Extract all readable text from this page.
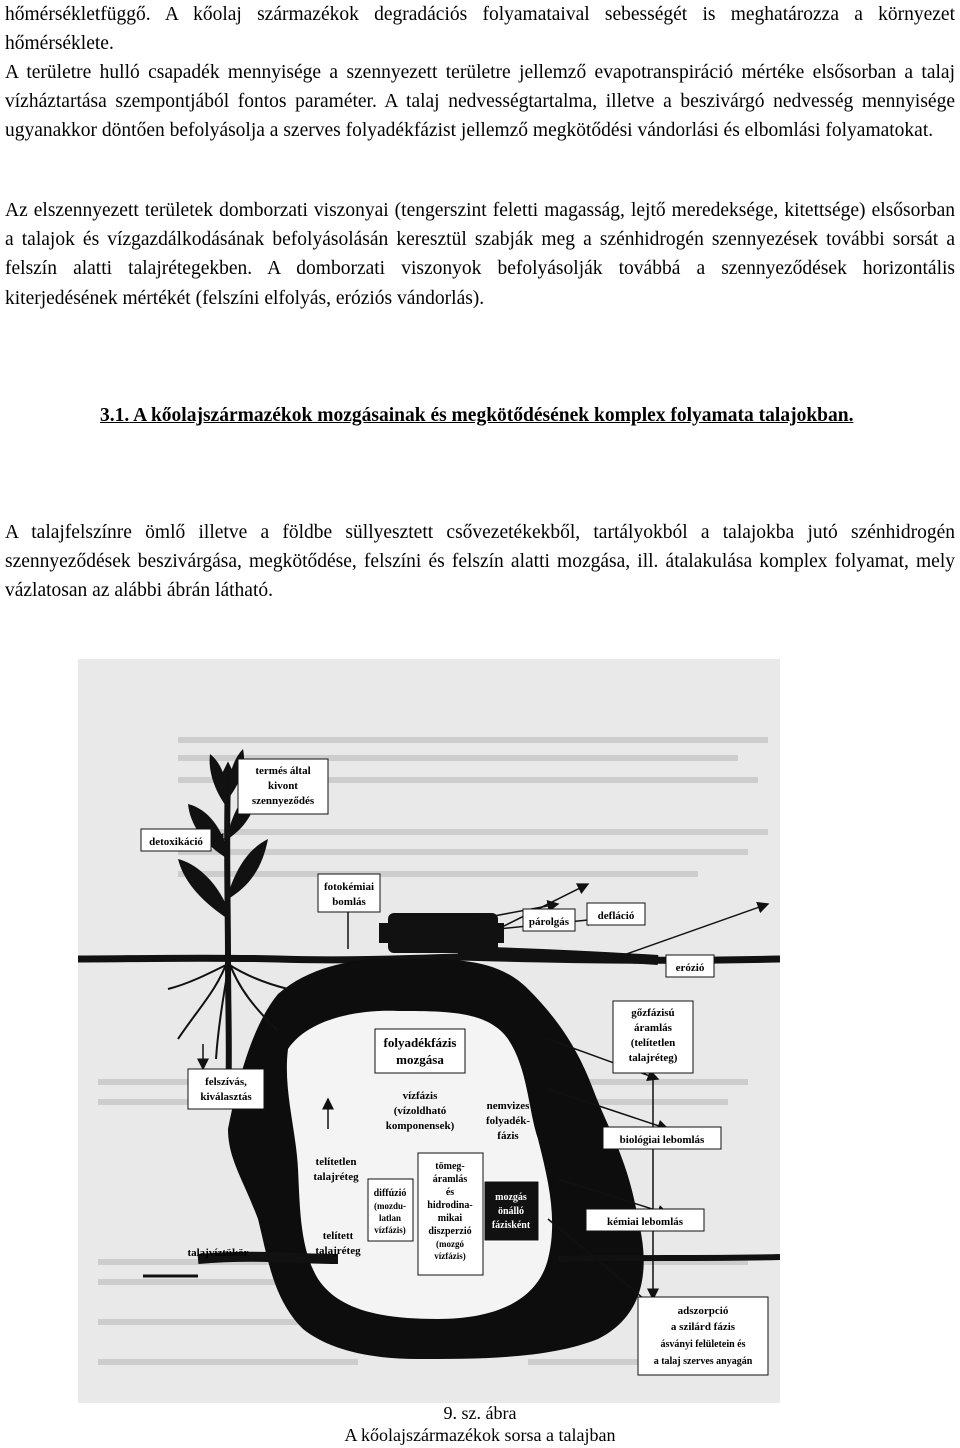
hőmérsékletfüggő. A kőolaj származékok degradációs folyamataival sebességét is meghatározza a környezet hőmérséklete.

A területre hulló csapadék mennyisége a szennyezett területre jellemző evapotranspiráció mértéke elsősorban a talaj vízháztartása szempontjából fontos paraméter. A talaj nedvességtartalma, illetve a beszivárgó nedvesség mennyisége ugyanakkor döntően befolyásolja a szerves folyadékfázist jellemző megkötődési vándorlási és elbomlási folyamatokat.

Az elszennyezett területek domborzati viszonyai (tengerszint feletti magasság, lejtő meredeksége, kitettsége) elsősorban a talajok és vízgazdálkodásának befolyásolásán keresztül szabják meg a szénhidrogén szennyezések további sorsát a felszín alatti talajrétegekben. A domborzati viszonyok befolyásolják továbbá a szennyeződések horizontális kiterjedésének mértékét (felszíni elfolyás, eróziós vándorlás).

3.1. A kőolajszármazékok mozgásainak és megkötődésének komplex folyamata talajokban.

A talajfelszínre ömlő illetve a földbe süllyesztett csővezetékekből, tartályokból a talajokba jutó szénhidrogén szennyeződések beszivárgása, megkötődése, felszíni és felszín alatti mozgása, ill. átalakulása komplex folyamat, mely vázlatosan az alábbi ábrán látható.

termés által
kivont
szennyeződés
detoxikáció
fotokémiai
bomlás
defláció
párolgás
erózió
gőzfázisú
áramlás
(telítetlen
talajréteg)
folyadékfázis
mozgása
vízfázis
(vízoldható
komponensek)
nemvizes
folyadék-
fázis
felszívás,
kiválasztás
telítetlen
talajréteg
telített
talajréteg
talajvíztükör
diffúzió
(mozdu-
latlan
vízfázis)
tömeg-
áramlás
és
hidrodina-
mikai
diszperzió
(mozgó
vízfázis)
mozgás
önálló
fázisként
biológiai lebomlás
kémiai lebomlás
adszorpció
a szilárd fázis
ásványi felületein és
a talaj szerves anyagán
9. sz. ábra
A kőolajszármazékok sorsa a talajban
